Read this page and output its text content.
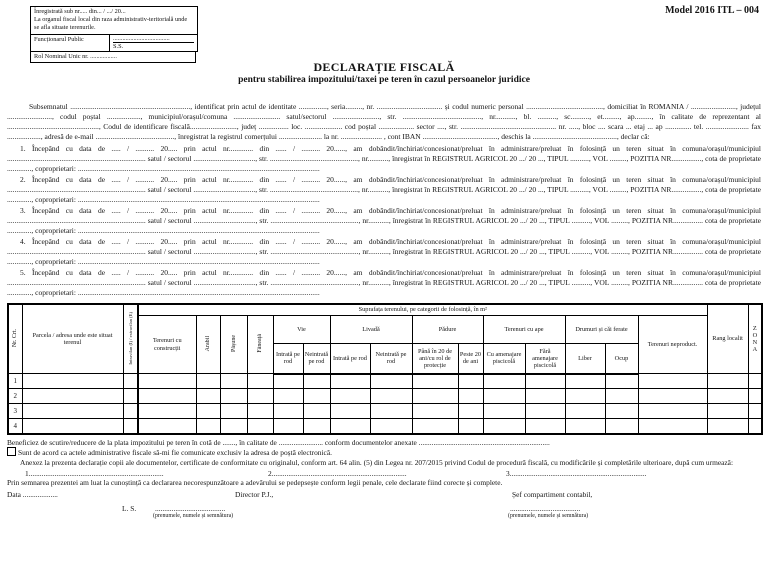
Înregistrată sub nr..... din... / .../ 20...
La organul fiscal local din raza administrativ-teritorială unde se afla situate terenurile.
Funcționarul Public	....................................
S.S.
Rol Nominal Unic nr. .................
Model 2016 ITL – 004
DECLARAȚIE FISCALĂ
pentru stabilirea impozitului/taxei pe teren în cazul persoanelor juridice

Subsemnatul ................................................................, identificat prin actul de identitate ..............., seria........., nr. ................................... și codul numeric personal ........................................., domiciliat în ROMANIA / ........................, județul ........................, codul poștal .................., municipiul/orașul/comuna ......................... satul/sectorul ........................., str. .........................................., nr..........., bl. .........., sc.........., et........., ap........., în calitate de reprezentant al ................................................., Codul de identificare fiscală........................., județ ................ loc. .................... cod poștal ................... sector ...., str. ................................................... nr. ....., bloc .... scara ... etaj ... ap .............. tel. ....................... fax .................., adresă de e-mail .........................................., înregistrat la registrul comerțului ....................... la nr. ...................... , cont IBAN ........................................, deschis la ............................................., declar că:

1. Începând cu data de ..... / .......... 20..... prin actul nr............. din ...... / .......... 20......, am dobândit/închiriat/concesionat/preluat în administrare/preluat în folosință un teren situat în comuna/orașul/municipiul .......................................................................... satul / sectorul ................................., str. ..............................................., nr..........., înregistrat în REGISTRUL AGRICOL 20 .../ 20 ..., TIPUL .........., VOL ........., POZITIA NR................, cota de proprietate ............., coproprietari: .................................................................................................................................

2. Începând cu data de ..... / .......... 20..... prin actul nr............. din ...... / .......... 20......, am dobândit/închiriat/concesionat/preluat în administrare/preluat în folosință un teren situat în comuna/orașul/municipiul .......................................................................... satul / sectorul ................................., str. ..............................................., nr..........., înregistrat în REGISTRUL AGRICOL 20 .../ 20 ..., TIPUL .........., VOL ........., POZITIA NR................, cota de proprietate ............., coproprietari: .................................................................................................................................

3. Începând cu data de ..... / .......... 20..... prin actul nr............. din ...... / .......... 20......, am dobândit/închiriat/concesionat/preluat în administrare/preluat în folosință un teren situat în comuna/orașul/municipiul .......................................................................... satul / sectorul ................................., str. ..............................................., nr..........., înregistrat în REGISTRUL AGRICOL 20 .../ 20 ..., TIPUL .........., VOL ........., POZITIA NR................ cota de proprietate ............., coproprietari: .................................................................................................................................

4. Începând cu data de ..... / .......... 20..... prin actul nr............. din ...... / .......... 20......, am dobândit/închiriat/concesionat/preluat în administrare/preluat în folosință un teren situat în comuna/orașul/municipiul .......................................................................... satul / sectorul ................................., str. ..............................................., nr..........., înregistrat în REGISTRUL AGRICOL 20 .../ 20 ..., TIPUL .........., VOL ........., POZITIA NR................ cota de proprietate ............., coproprietari: .................................................................................................................................

5. Începând cu data de ..... / .......... 20..... prin actul nr............. din ...... / .......... 20......, am dobândit/închiriat/concesionat/preluat în administrare/preluat în folosință un teren situat în comuna/orașul/municipiul .......................................................................... satul / sectorul ................................., str. ..............................................., nr..........., înregistrat în REGISTRUL AGRICOL 20 .../ 20 ..., TIPUL .........., VOL ........., POZITIA NR................ cota de proprietate ............., coproprietari: .................................................................................................................................

Nr. Crt.	Parcela / adresa unde este situat terenul	Intravilan (I) / extravilan (E)	Suprafața terenului, pe categorii de folosință, în m²															Rang localit	Z O N A
			Terenuri cu construcții	Arabil	Pășune	Fâneață	Vie		Livadă		Pădure		Terenuri cu ape		Drumuri și căi ferate		Terenuri neproduct.		
							Intrată pe rod	Neintrată pe rod	Intrată pe rod	Neintrată pe rod	Până în 20 de ani/cu rol de protecție	Peste 20 de ani	Cu amenajare piscicolă	Fără amenajare piscicolă	Liber	Ocup			
1																			
2																			
3																			
4																			

Beneficiez de scutire/reducere de la plata impozitului pe teren în cotă de ......., în calitate de ........................ conform documentelor anexate .......................................................................

Sunt de acord ca actele administrative fiscale să-mi fie comunicate exclusiv la adresa de poștă electronică.

Anexez la prezenta declarație copii ale documentelor, certificate de conformitate cu originalul, conform art. 64 alin. (5) din Legea nr. 207/2015 privind Codul de procedură fiscală, cu modificările și completările ulterioare, după cum urmează:

1.........................................................................	2.........................................................................	3..........................................................................

Prin semnarea prezentei am luat la cunoștință ca declararea necorespunzătoare a adevărului se pedepsește conform legii penale, cele declarate fiind corecte și complete.

Data ...................	Director P.J.,	Șef compartiment contabil,
L. S.	......................................	......................................
(prenumele, numele și semnătura)	(prenumele, numele și semnătura)
